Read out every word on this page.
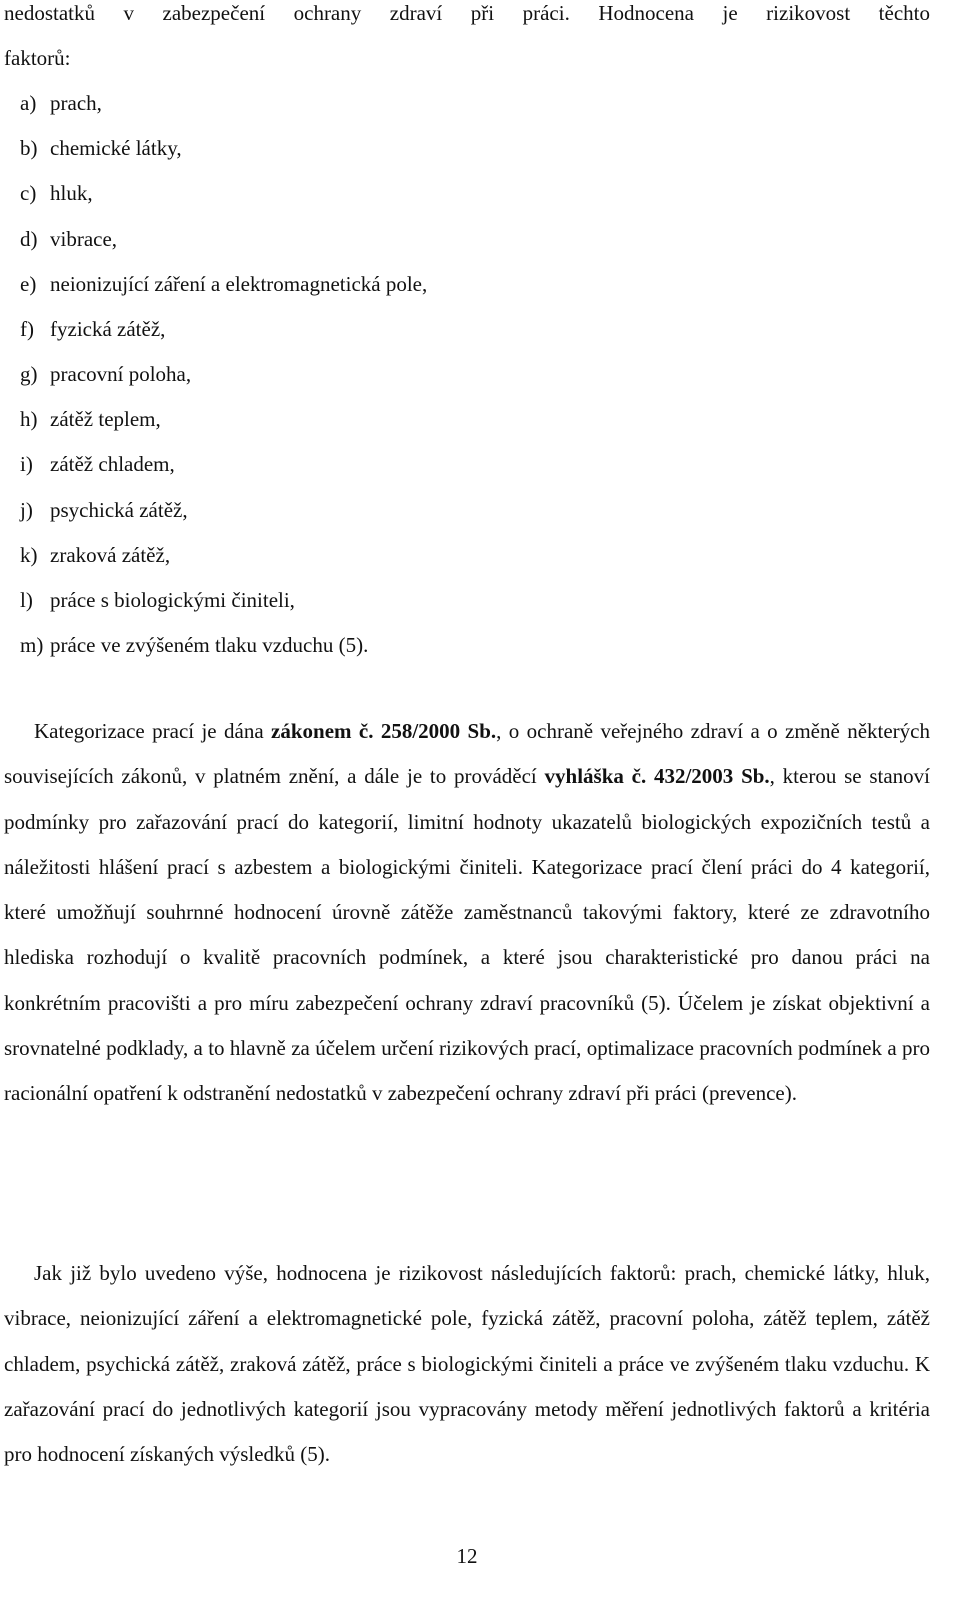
nedostatků v zabezpečení ochrany zdraví při práci. Hodnocena je rizikovost těchto
faktorů:
a) prach,
b) chemické látky,
c) hluk,
d) vibrace,
e) neionizující záření a elektromagnetická pole,
f) fyzická zátěž,
g) pracovní poloha,
h) zátěž teplem,
i) zátěž chladem,
j) psychická zátěž,
k) zraková zátěž,
l) práce s biologickými činiteli,
m) práce ve zvýšeném tlaku vzduchu (5).

Kategorizace prací je dána zákonem č. 258/2000 Sb., o ochraně veřejného zdraví a o změně některých souvisejících zákonů, v platném znění, a dále je to prováděcí vyhláška č. 432/2003 Sb., kterou se stanoví podmínky pro zařazování prací do kategorií, limitní hodnoty ukazatelů biologických expozičních testů a náležitosti hlášení prací s azbestem a biologickými činiteli. Kategorizace prací člení práci do 4 kategorií, které umožňují souhrnné hodnocení úrovně zátěže zaměstnanců takovými faktory, které ze zdravotního hlediska rozhodují o kvalitě pracovních podmínek, a které jsou charakteristické pro danou práci na konkrétním pracovišti a pro míru zabezpečení ochrany zdraví pracovníků (5). Účelem je získat objektivní a srovnatelné podklady, a to hlavně za účelem určení rizikových prací, optimalizace pracovních podmínek a pro racionální opatření k odstranění nedostatků v zabezpečení ochrany zdraví při práci (prevence).

Jak již bylo uvedeno výše, hodnocena je rizikovost následujících faktorů: prach, chemické látky, hluk, vibrace, neionizující záření a elektromagnetické pole, fyzická zátěž, pracovní poloha, zátěž teplem, zátěž chladem, psychická zátěž, zraková zátěž, práce s biologickými činiteli a práce ve zvýšeném tlaku vzduchu. K zařazování prací do jednotlivých kategorií jsou vypracovány metody měření jednotlivých faktorů a kritéria pro hodnocení získaných výsledků (5).

12
